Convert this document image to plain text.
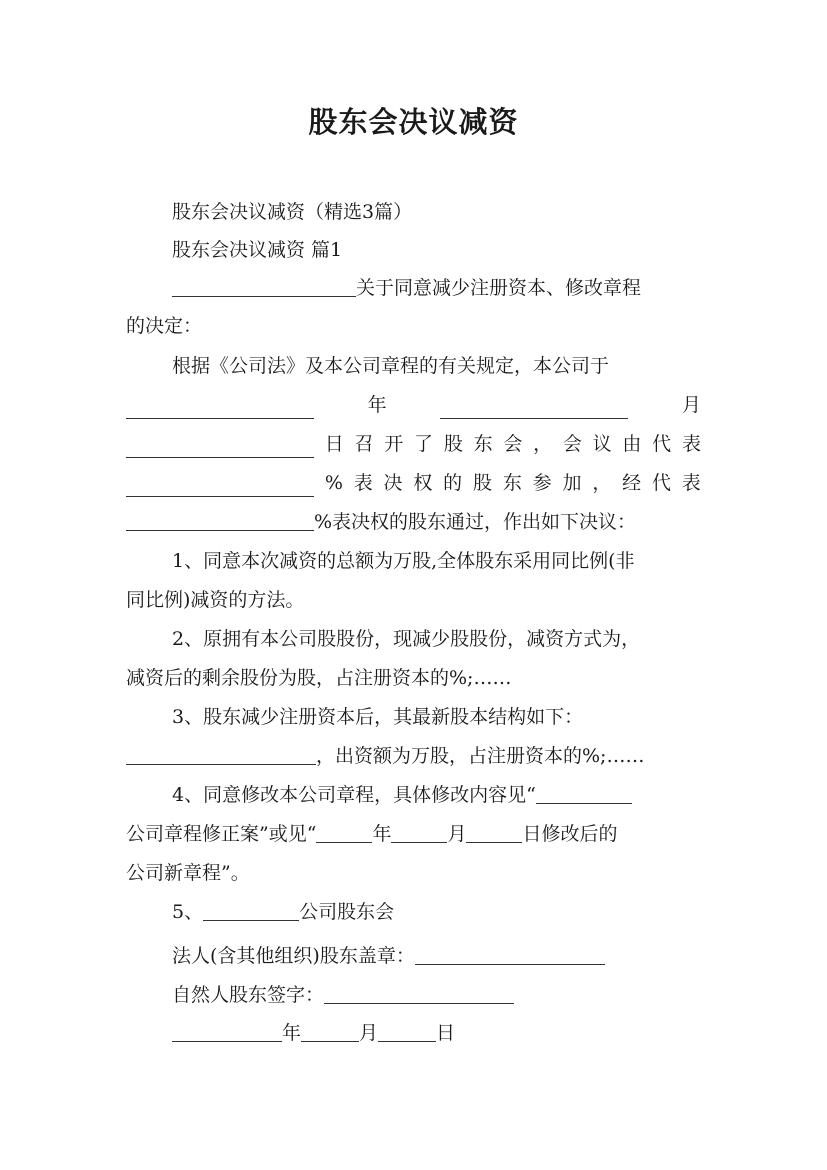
股东会决议减资
股东会决议减资（精选3篇）
股东会决议减资 篇1
关于同意减少注册资本、修改章程
的决定：
根据《公司法》及本公司章程的有关规定，本公司于
年	月
日 召 开 了 股 东 会 ， 会 议 由 代 表
% 表 决 权 的 股 东 参 加 ， 经 代 表
%表决权的股东通过，作出如下决议：
1、同意本次减资的总额为万股,全体股东采用同比例(非
同比例)减资的方法。
2、原拥有本公司股股份，现减少股股份，减资方式为，
减资后的剩余股份为股，占注册资本的%;……
3、股东减少注册资本后，其最新股本结构如下：
，出资额为万股，占注册资本的%;……
4、同意修改本公司章程，具体修改内容见“
公司章程修正案”或见“	年	月	日修改后的
公司新章程”。
5、	公司股东会
法人(含其他组织)股东盖章：
自然人股东签字：
年	月	日
